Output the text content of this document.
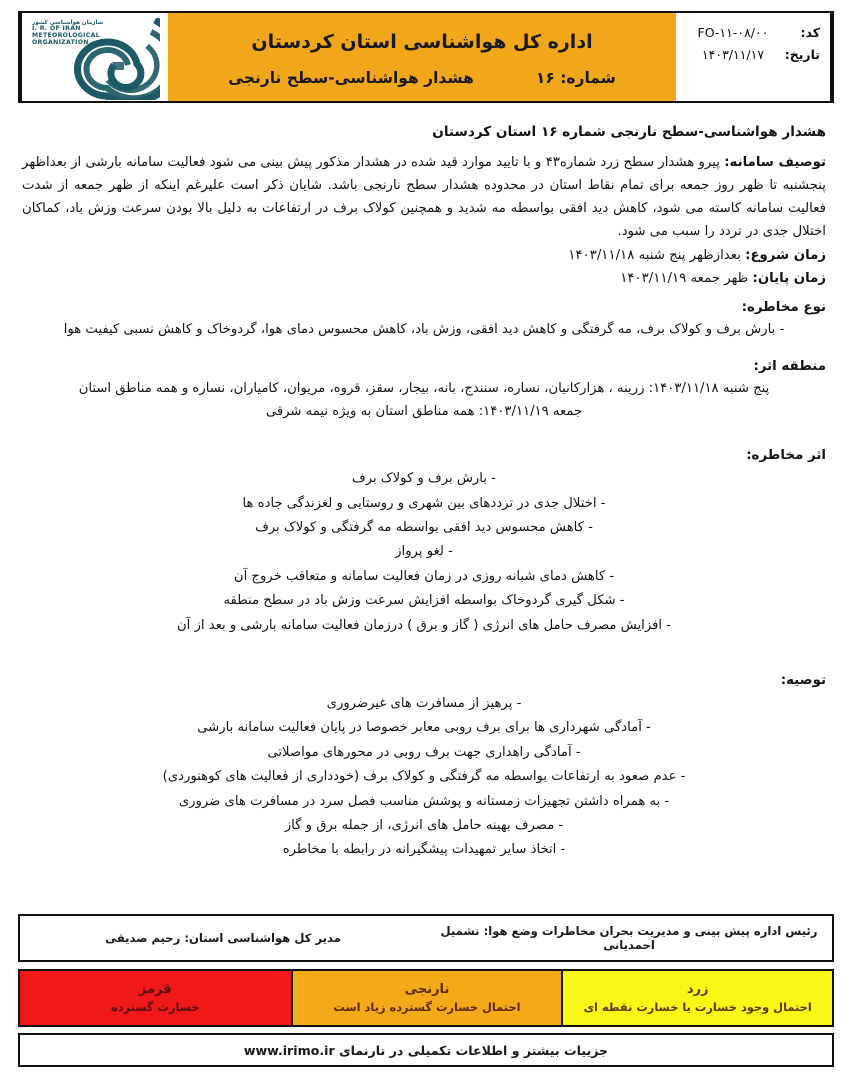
کد:
FO-۱۱-۰۸/۰۰
تاریخ:
۱۴۰۳/۱۱/۱۷
اداره کل هواشناسی استان کردستان
شماره: ۱۶
هشدار هواشناسی-سطح نارنجی
سازمان هواشناسی کشور
I. R. OF IRAN
METEOROLOGICAL
ORGANIZATION
هشدار هواشناسی-سطح نارنجی شماره ۱۶ استان کردستان
توصیف سامانه: پیرو هشدار سطح زرد شماره۴۳ و با تایید موارد قید شده در هشدار مذکور پیش بینی می شود فعالیت سامانه بارشی از بعداظهر پنجشنبه تا ظهر روز جمعه برای تمام نقاط استان در محدوده هشدار سطح نارنجی باشد. شایان ذکر است علیرغم اینکه از ظهر جمعه از شدت فعالیت سامانه کاسته می شود، کاهش دید افقی بواسطه مه شدید و همچنین کولاک برف در ارتفاعات به دلیل بالا بودن سرعت وزش باد، کماکان اختلال جدی در تردد را سبب می شود.
زمان شروع: بعدازظهر پنج شنبه ۱۴۰۳/۱۱/۱۸
زمان پایان: ظهر جمعه ۱۴۰۳/۱۱/۱۹
نوع مخاطره:
- بارش برف و کولاک برف، مه گرفتگی و کاهش دید افقی، وزش باد، کاهش محسوس دمای هوا، گردوخاک و کاهش نسبی کیفیت هوا
منطقه اثر:
پنج شنبه ۱۴۰۳/۱۱/۱۸: زرینه ، هزارکانیان، نساره، سنندج، بانه، بیجار، سقز، قروه، مریوان، کامیاران، نساره و همه مناطق استان
جمعه ۱۴۰۳/۱۱/۱۹: همه مناطق استان به ویژه نیمه شرقی
اثر مخاطره:
- بارش برف و کولاک برف
- اختلال جدی در ترددهای بین شهری و روستایی و لغزندگی جاده ها
- کاهش محسوس دید افقی بواسطه مه گرفتگی و کولاک برف
- لغو پرواز
- کاهش دمای شبانه روزی در زمان فعالیت سامانه و متعاقب خروج آن
- شکل گیری گردوخاک بواسطه افزایش سرعت وزش باد در سطح منطقه
- افزایش مصرف حامل های انرژی ( گاز و برق ) درزمان فعالیت سامانه بارشی و بعد از آن
توصیه:
- پرهیز از مسافرت های غیرضروری
- آمادگی شهرداری ها برای برف روبی معابر خصوصا در پایان فعالیت سامانه بارشی
- آمادگی راهداری جهت برف روبی در محورهای مواصلاتی
- عدم صعود به ارتفاعات بواسطه مه گرفتگی و کولاک برف (خودداری از فعالیت های کوهنوردی)
- به همراه داشتن تجهیزات زمستانه و پوشش مناسب فصل سرد در مسافرت های ضروری
- مصرف بهینه حامل های انرژی، از جمله برق و گاز
- اتخاذ سایر تمهیدات پیشگیرانه در رابطه با مخاطره
رئیس اداره پیش بینی و مدیریت بحران مخاطرات وضع هوا: نشمیل احمدیانی
مدیر کل هواشناسی استان: رحیم صدیقی
زرد
احتمال وجود خسارت یا خسارت نقطه ای
نارنجی
احتمال خسارت گسترده زیاد است
قرمز
خسارت گسترده
جزییات بیشتر و اطلاعات تکمیلی در تارنمای

www.irimo.ir
